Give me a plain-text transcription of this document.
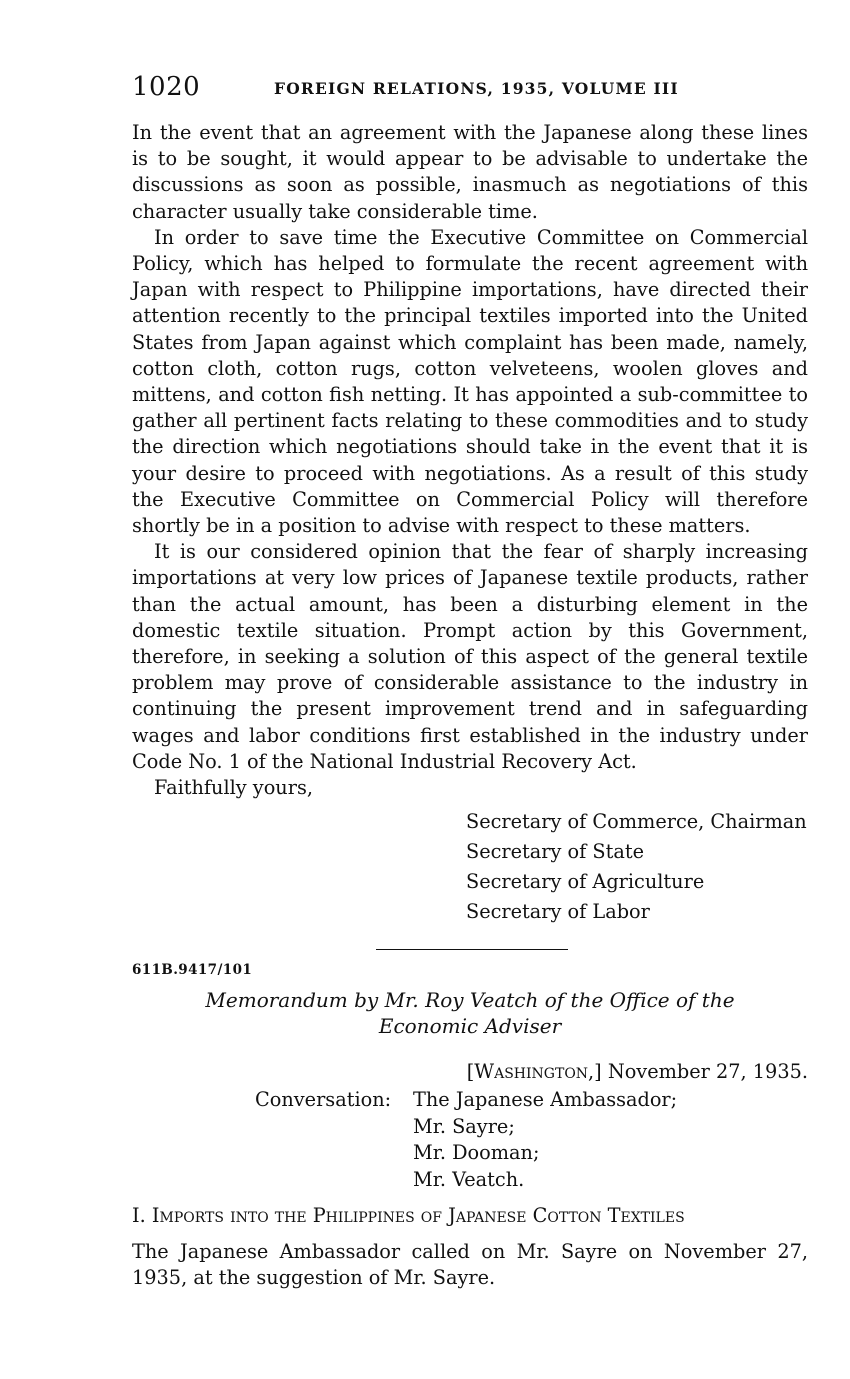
1020	FOREIGN RELATIONS, 1935, VOLUME III

In the event that an agreement with the Japanese along these lines is to be sought, it would appear to be advisable to undertake the discussions as soon as possible, inasmuch as negotiations of this character usually take considerable time.

In order to save time the Executive Committee on Commercial Policy, which has helped to formulate the recent agreement with Japan with respect to Philippine importations, have directed their attention recently to the principal textiles imported into the United States from Japan against which complaint has been made, namely, cotton cloth, cotton rugs, cotton velveteens, woolen gloves and mittens, and cotton fish netting. It has appointed a sub-committee to gather all pertinent facts relating to these commodities and to study the direction which negotiations should take in the event that it is your desire to proceed with negotiations. As a result of this study the Executive Committee on Commercial Policy will therefore shortly be in a position to advise with respect to these matters.

It is our considered opinion that the fear of sharply increasing importations at very low prices of Japanese textile products, rather than the actual amount, has been a disturbing element in the domestic textile situation. Prompt action by this Government, therefore, in seeking a solution of this aspect of the general textile problem may prove of considerable assistance to the industry in continuing the present improvement trend and in safeguarding wages and labor conditions first established in the industry under Code No. 1 of the National Industrial Recovery Act.

Faithfully yours,

Secretary of Commerce, Chairman
Secretary of State
Secretary of Agriculture
Secretary of Labor
611B.9417/101
Memorandum by Mr. Roy Veatch of the Office of the
Economic Adviser
[Washington,] November 27, 1935.
Conversation: The Japanese Ambassador;
Mr. Sayre;
Mr. Dooman;
Mr. Veatch.
I. Imports into the Philippines of Japanese Cotton Textiles

The Japanese Ambassador called on Mr. Sayre on November 27, 1935, at the suggestion of Mr. Sayre.
